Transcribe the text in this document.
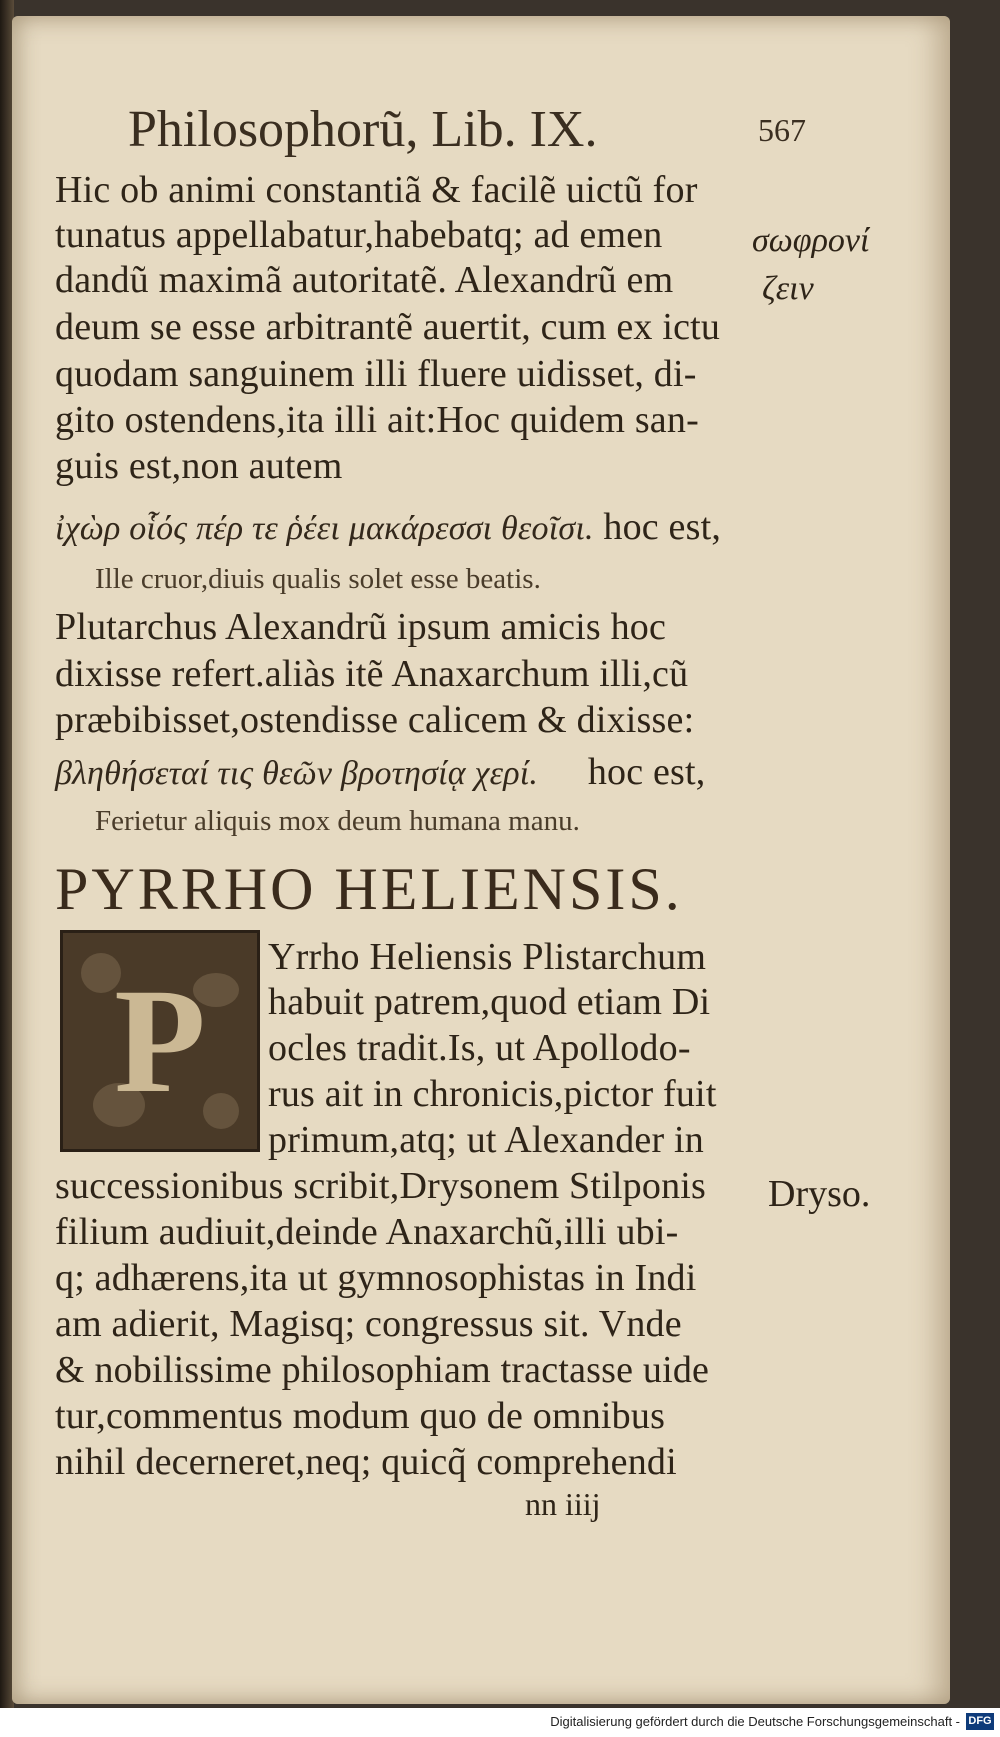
Philosophorũ, Lib. IX.	567
Hic ob animi constantiã & facilẽ uictũ for
tunatus appellabatur,habebatq; ad emen
dandũ maximã autoritatẽ. Alexandrũ em
deum se esse arbitrantẽ auertit, cum ex ictu
quodam sanguinem illi fluere uidisset, di-
gito ostendens,ita illi ait:Hoc quidem san-
guis est,non autem
σωφρονί
ζειν
ἰχὼρ οἷός πέρ τε ῥέει μακάρεσσι θεοῖσι. hoc est,
Ille cruor,diuis qualis solet esse beatis.
Plutarchus Alexandrũ ipsum amicis hoc
dixisse refert.aliàs itẽ Anaxarchum illi,cũ
præbibisset,ostendisse calicem & dixisse:
βληθήσεταί τις θεῶν βροτησίᾳ χερί. hoc est,
Ferietur aliquis mox deum humana manu.
PYRRHO HELIENSIS.
P
Yrrho Heliensis Plistarchum
habuit patrem,quod etiam Di
ocles tradit.Is, ut Apollodo-
rus ait in chronicis,pictor fuit
primum,atq; ut Alexander in
successionibus scribit,Drysonem Stilponis
filium audiuit,deinde Anaxarchũ,illi ubi-
q; adhærens,ita ut gymnosophistas in Indi
am adierit, Magisq; congressus sit. Vnde
& nobilissime philosophiam tractasse uide
tur,commentus modum quo de omnibus
nihil decerneret,neq; quicq̃ comprehendi
Dryso.
nn iiij
Digitalisierung gefördert durch die Deutsche Forschungsgemeinschaft - DFG
